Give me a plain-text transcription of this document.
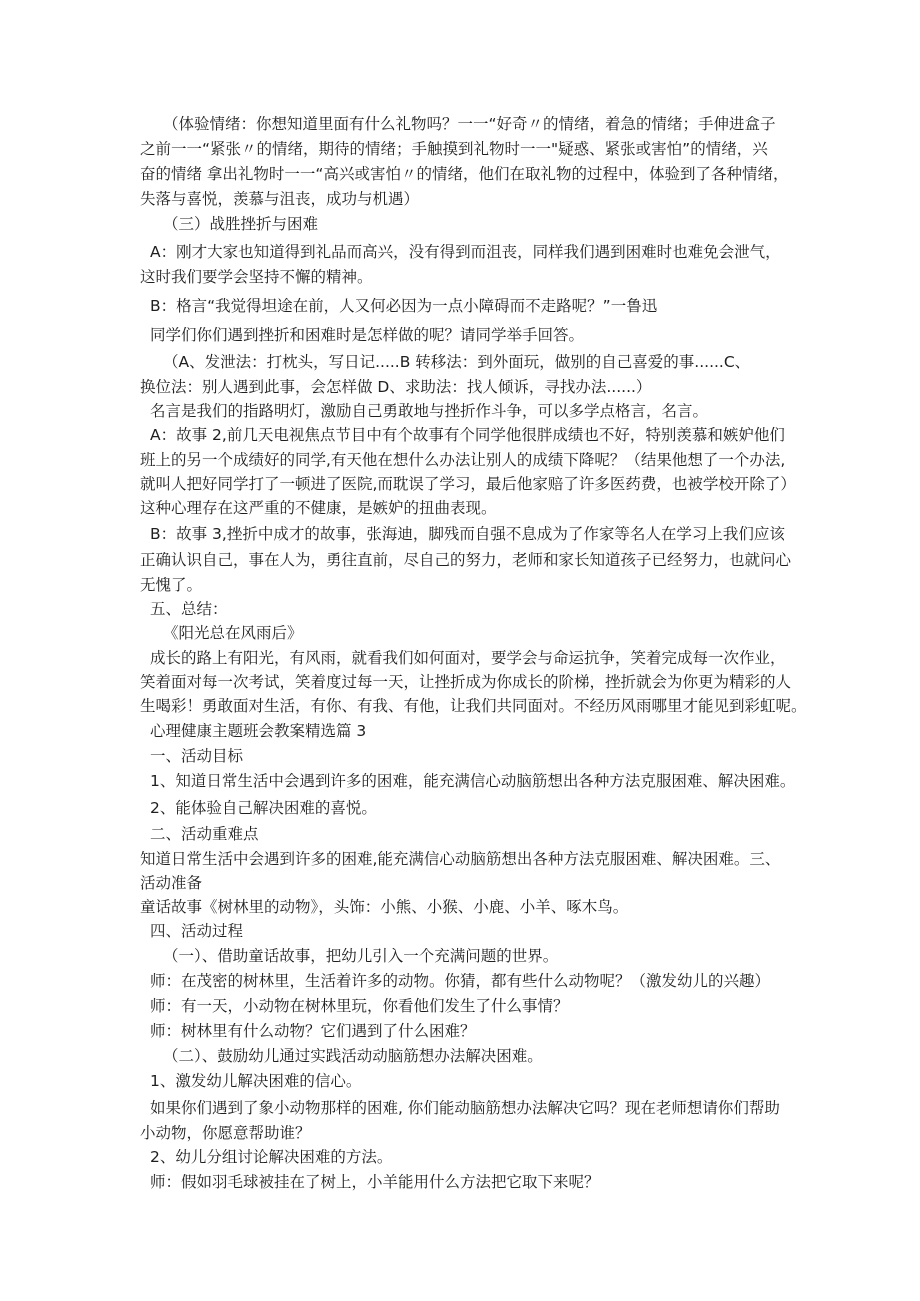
（体验情绪：你想知道里面有什么礼物吗？一一“好奇〃的情绪，着急的情绪；手伸进盒子
之前一一“紧张〃的情绪，期待的情绪；手触摸到礼物时一一"疑惑、紧张或害怕”的情绪，兴
奋的情绪 拿出礼物时一一“高兴或害怕〃的情绪，他们在取礼物的过程中，体验到了各种情绪，
失落与喜悦，羡慕与沮丧，成功与机遇）
（三）战胜挫折与困难
A：刚才大家也知道得到礼品而高兴，没有得到而沮丧，同样我们遇到困难时也难免会泄气，
这时我们要学会坚持不懈的精神。
B：格言“我觉得坦途在前，人又何必因为一点小障碍而不走路呢？”一鲁迅
同学们你们遇到挫折和困难时是怎样做的呢？请同学举手回答。
（A、发泄法：打枕头，写日记.....B 转移法：到外面玩，做别的自己喜爱的事......C、
换位法：别人遇到此事，会怎样做 D、求助法：找人倾诉，寻找办法......）
名言是我们的指路明灯，激励自己勇敢地与挫折作斗争，可以多学点格言，名言。
A：故事 2,前几天电视焦点节目中有个故事有个同学他很胖成绩也不好，特别羡慕和嫉妒他们
班上的另一个成绩好的同学,有天他在想什么办法让别人的成绩下降呢？（结果他想了一个办法,
就叫人把好同学打了一顿进了医院,而耽误了学习，最后他家赔了许多医药费，也被学校开除了）
这种心理存在这严重的不健康，是嫉妒的扭曲表现。
B：故事 3,挫折中成才的故事，张海迪，脚残而自强不息成为了作家等名人在学习上我们应该
正确认识自己，事在人为，勇往直前，尽自己的努力，老师和家长知道孩子已经努力，也就问心
无愧了。
五、总结：
《阳光总在风雨后》
成长的路上有阳光，有风雨，就看我们如何面对，要学会与命运抗争，笑着完成每一次作业，
笑着面对每一次考试，笑着度过每一天，让挫折成为你成长的阶梯，挫折就会为你更为精彩的人
生喝彩！勇敢面对生活，有你、有我、有他，让我们共同面对。不经历风雨哪里才能见到彩虹呢。
心理健康主题班会教案精选篇 3
一、活动目标
1、知道日常生活中会遇到许多的困难，能充满信心动脑筋想出各种方法克服困难、解决困难。
2、能体验自己解决困难的喜悦。
二、活动重难点
知道日常生活中会遇到许多的困难,能充满信心动脑筋想出各种方法克服困难、解决困难。三、
活动准备
童话故事《树林里的动物》，头饰：小熊、小猴、小鹿、小羊、啄木鸟。
四、活动过程
（一）、借助童话故事，把幼儿引入一个充满问题的世界。
师：在茂密的树林里，生活着许多的动物。你猜，都有些什么动物呢？（激发幼儿的兴趣）
师：有一天，小动物在树林里玩，你看他们发生了什么事情？
师：树林里有什么动物？它们遇到了什么困难？
（二）、鼓励幼儿通过实践活动动脑筋想办法解决困难。
1、激发幼儿解决困难的信心。
如果你们遇到了象小动物那样的困难, 你们能动脑筋想办法解决它吗？现在老师想请你们帮助
小动物，你愿意帮助谁？
2、幼儿分组讨论解决困难的方法。
师：假如羽毛球被挂在了树上，小羊能用什么方法把它取下来呢？
